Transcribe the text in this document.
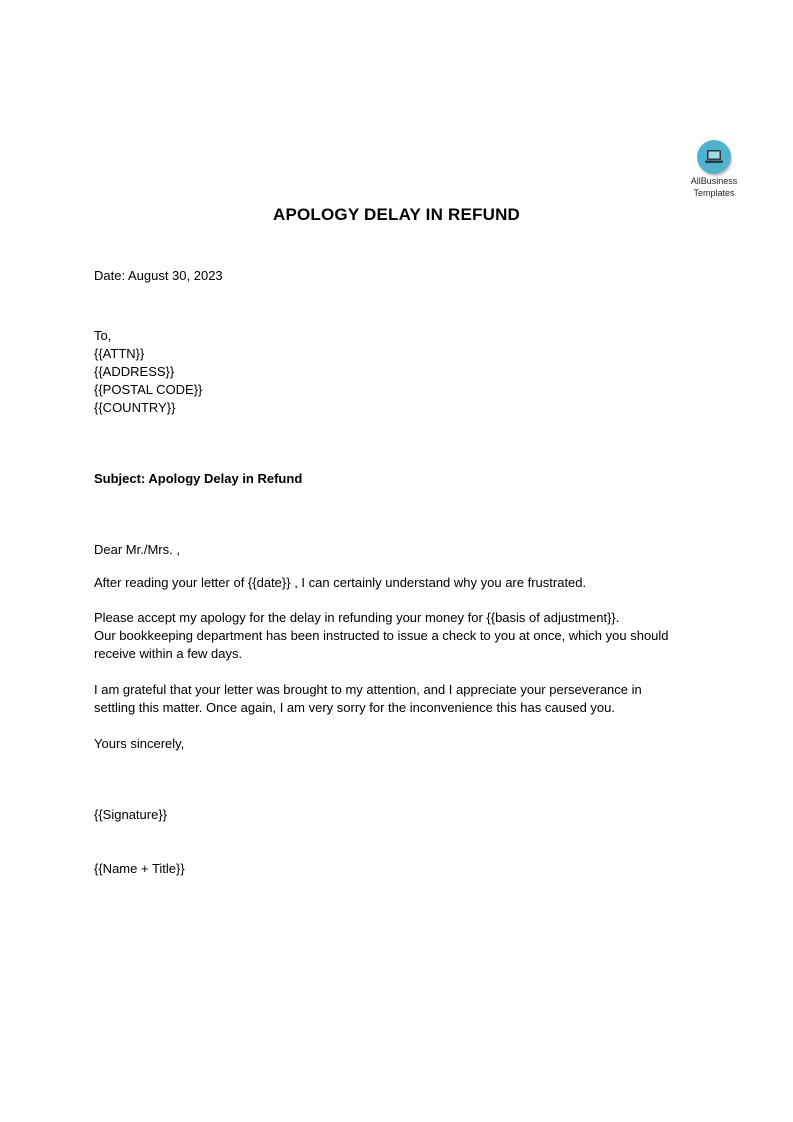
AllBusiness
Templates
APOLOGY DELAY IN REFUND
Date: August 30, 2023
To,
{{ATTN}}
{{ADDRESS}}
{{POSTAL CODE}}
{{COUNTRY}}
Subject: Apology Delay in Refund
Dear Mr./Mrs. ,
After reading your letter of {{date}} , I can certainly understand why you are frustrated.
Please accept my apology for the delay in refunding your money for {{basis of adjustment}}.
Our bookkeeping department has been instructed to issue a check to you at once, which you should
receive within a few days.
I am grateful that your letter was brought to my attention, and I appreciate your perseverance in
settling this matter. Once again, I am very sorry for the inconvenience this has caused you.
Yours sincerely,
{{Signature}}
{{Name + Title}}
